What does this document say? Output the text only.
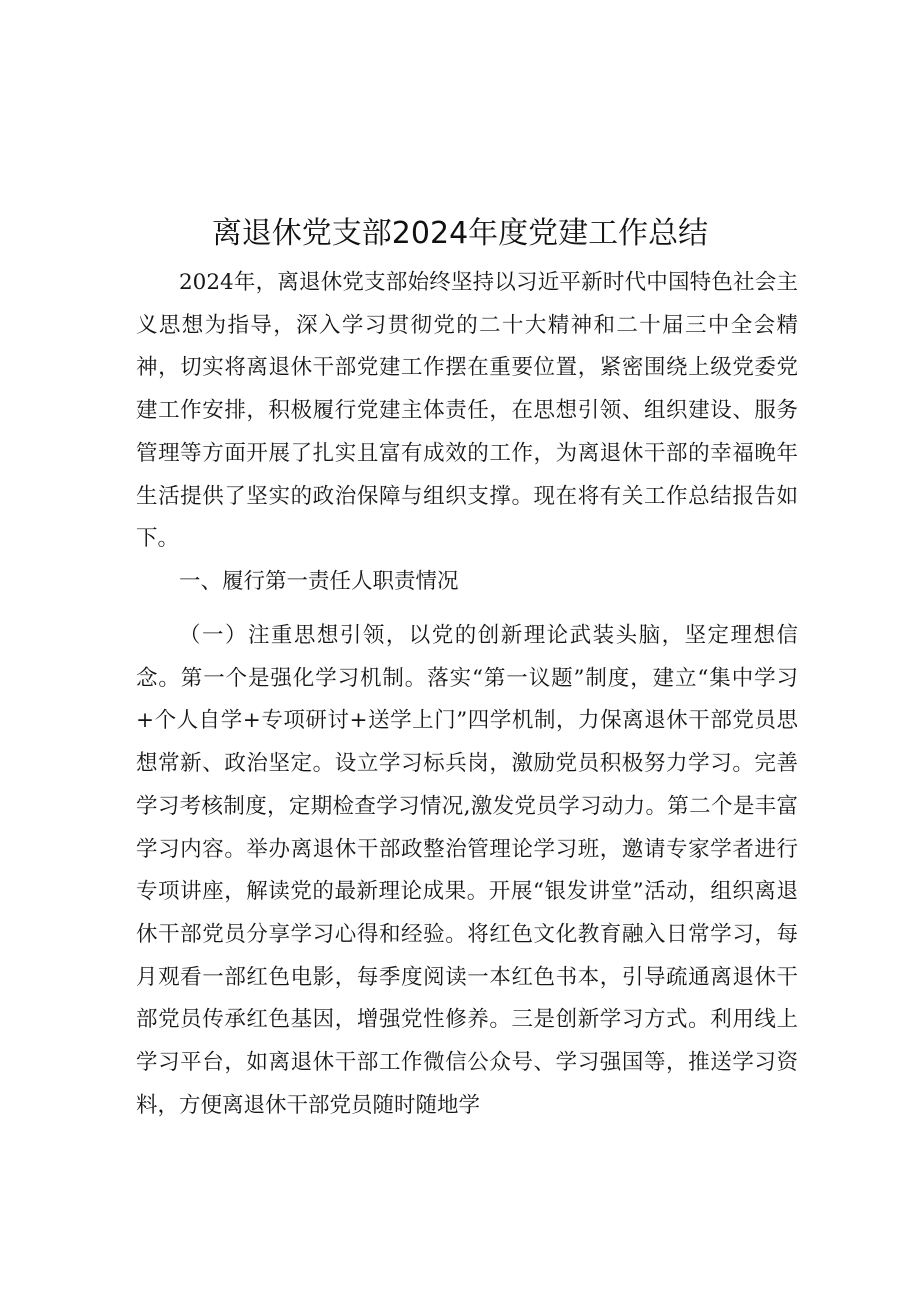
离退休党支部2024年度党建工作总结

2024年，离退休党支部始终坚持以习近平新时代中国特色社会主义思想为指导，深入学习贯彻党的二十大精神和二十届三中全会精神，切实将离退休干部党建工作摆在重要位置，紧密围绕上级党委党建工作安排，积极履行党建主体责任，在思想引领、组织建设、服务管理等方面开展了扎实且富有成效的工作，为离退休干部的幸福晚年生活提供了坚实的政治保障与组织支撑。现在将有关工作总结报告如下。

一、履行第一责任人职责情况

（一）注重思想引领，以党的创新理论武装头脑，坚定理想信念。第一个是强化学习机制。落实“第一议题”制度，建立“集中学习+个人自学+专项研讨+送学上门”四学机制，力保离退休干部党员思想常新、政治坚定。设立学习标兵岗，激励党员积极努力学习。完善学习考核制度，定期检查学习情况,激发党员学习动力。第二个是丰富学习内容。举办离退休干部政整治管理论学习班，邀请专家学者进行专项讲座，解读党的最新理论成果。开展“银发讲堂”活动，组织离退休干部党员分享学习心得和经验。将红色文化教育融入日常学习，每月观看一部红色电影，每季度阅读一本红色书本，引导疏通离退休干部党员传承红色基因，增强党性修养。三是创新学习方式。利用线上学习平台，如离退休干部工作微信公众号、学习强国等，推送学习资料，方便离退休干部党员随时随地学
